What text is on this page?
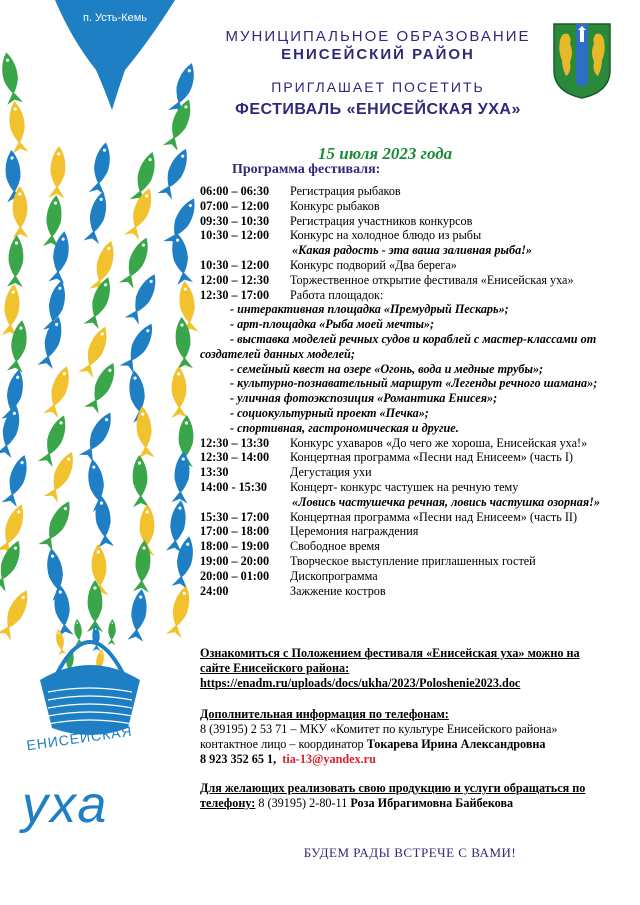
п. Усть-Кемь
ЕНИСЕЙСКАЯ
уха
МУНИЦИПАЛЬНОЕ ОБРАЗОВАНИЕ
ЕНИСЕЙСКИЙ РАЙОН
ПРИГЛАШАЕТ ПОСЕТИТЬ
ФЕСТИВАЛЬ «ЕНИСЕЙСКАЯ УХА»
15 июля 2023 года
Программа фестиваля:
06:00 – 06:30	Регистрация рыбаков
07:00 – 12:00	Конкурс рыбаков
09:30 – 10:30	Регистрация участников конкурсов
10:30 – 12:00	Конкурс на холодное блюдо из рыбы
«Какая радость - эта ваша заливная рыба!»
10:30 – 12:00	Конкурс подворий «Два берега»
12:00 – 12:30	Торжественное открытие фестиваля «Енисейская уха»
12:30 – 17:00	Работа площадок:
- интерактивная площадка «Премудрый Пескарь»;
- арт-площадка «Рыба моей мечты»;
- выставка моделей речных судов и кораблей с мастер-классами от
создателей данных моделей;
- семейный квест на озере «Огонь, вода и медные трубы»;
- культурно-познавательный маршрут «Легенды речного шамана»;
- уличная фотоэкспозиция «Романтика Енисея»;
- социокультурный проект «Печка»;
- спортивная, гастрономическая и другие.
12:30 – 13:30	Конкурс ухаваров «До чего же хороша, Енисейская уха!»
12:30 – 14:00	Концертная программа «Песни над Енисеем» (часть I)
13:30	Дегустация ухи
14:00 - 15:30	Концерт- конкурс частушек на речную тему
«Ловись частушечка речная, ловись частушка озорная!»
15:30 – 17:00	Концертная программа «Песни над Енисеем» (часть II)
17:00 – 18:00	Церемония награждения
18:00 – 19:00	Свободное время
19:00 – 20:00	Творческое выступление приглашенных гостей
20:00 – 01:00	Дископрограмма
24:00	Зажжение костров
Ознакомиться с Положением фестиваля «Енисейская уха» можно на
сайте Енисейского района:
https://enadm.ru/uploads/docs/ukha/2023/Poloshenie2023.doc
Дополнительная информация по телефонам:
8 (39195) 2 53 71 – МКУ «Комитет по культуре Енисейского района»
контактное лицо – координатор Токарева Ирина Александровна
8 923 352 65 1, tia-13@yandex.ru
Для желающих реализовать свою продукцию и услуги обращаться по
телефону: 8 (39195) 2-80-11 Роза Ибрагимовна Байбекова
БУДЕМ РАДЫ ВСТРЕЧЕ С ВАМИ!
